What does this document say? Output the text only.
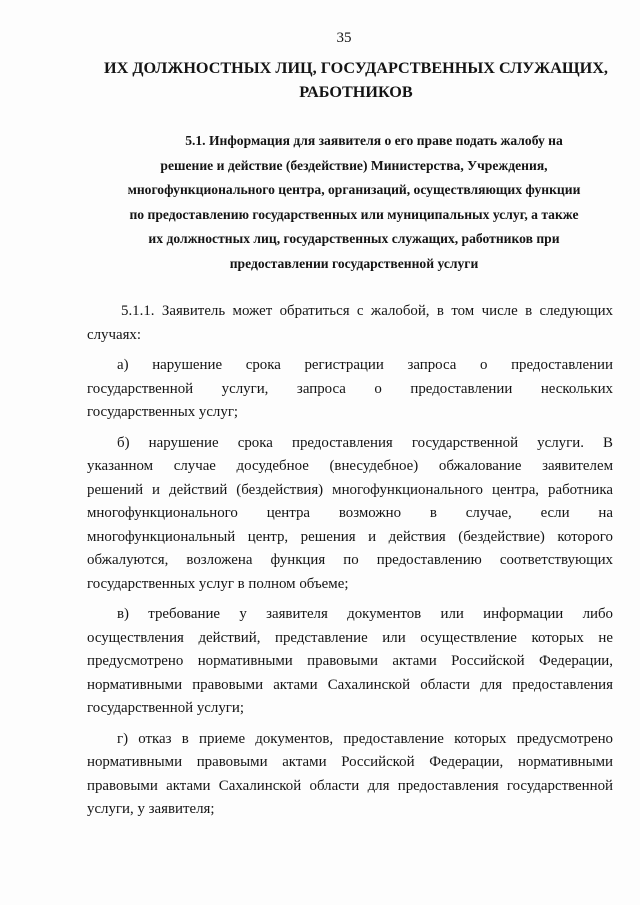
35
ИХ ДОЛЖНОСТНЫХ ЛИЦ, ГОСУДАРСТВЕННЫХ СЛУЖАЩИХ,
РАБОТНИКОВ
5.1. Информация для заявителя о его праве подать жалобу на
решение и действие (бездействие) Министерства, Учреждения,
многофункционального центра, организаций, осуществляющих функции
по предоставлению государственных или муниципальных услуг, а также
их должностных лиц, государственных служащих, работников при
предоставлении государственной услуги

5.1.1. Заявитель может обратиться с жалобой, в том числе в следующих
случаях:

а)     нарушение     срока     регистрации     запроса     о     предоставлении
государственной     услуги,     запроса     о     предоставлении     нескольких
государственных услуг;

б) нарушение срока предоставления государственной услуги. В
указанном случае досудебное (внесудебное) обжалование заявителем
решений и действий (бездействия) многофункционального центра, работника
многофункционального центра возможно в случае, если на
многофункциональный центр, решения и действия (бездействие) которого
обжалуются, возложена функция по предоставлению соответствующих
государственных услуг в полном объеме;

в) требование у заявителя документов или информации либо
осуществления действий, представление или осуществление которых не
предусмотрено нормативными правовыми актами Российской Федерации,
нормативными правовыми актами Сахалинской области для предоставления
государственной услуги;

г) отказ в приеме документов, предоставление которых предусмотрено
нормативными правовыми актами Российской Федерации, нормативными
правовыми актами Сахалинской области для предоставления государственной
услуги, у заявителя;
